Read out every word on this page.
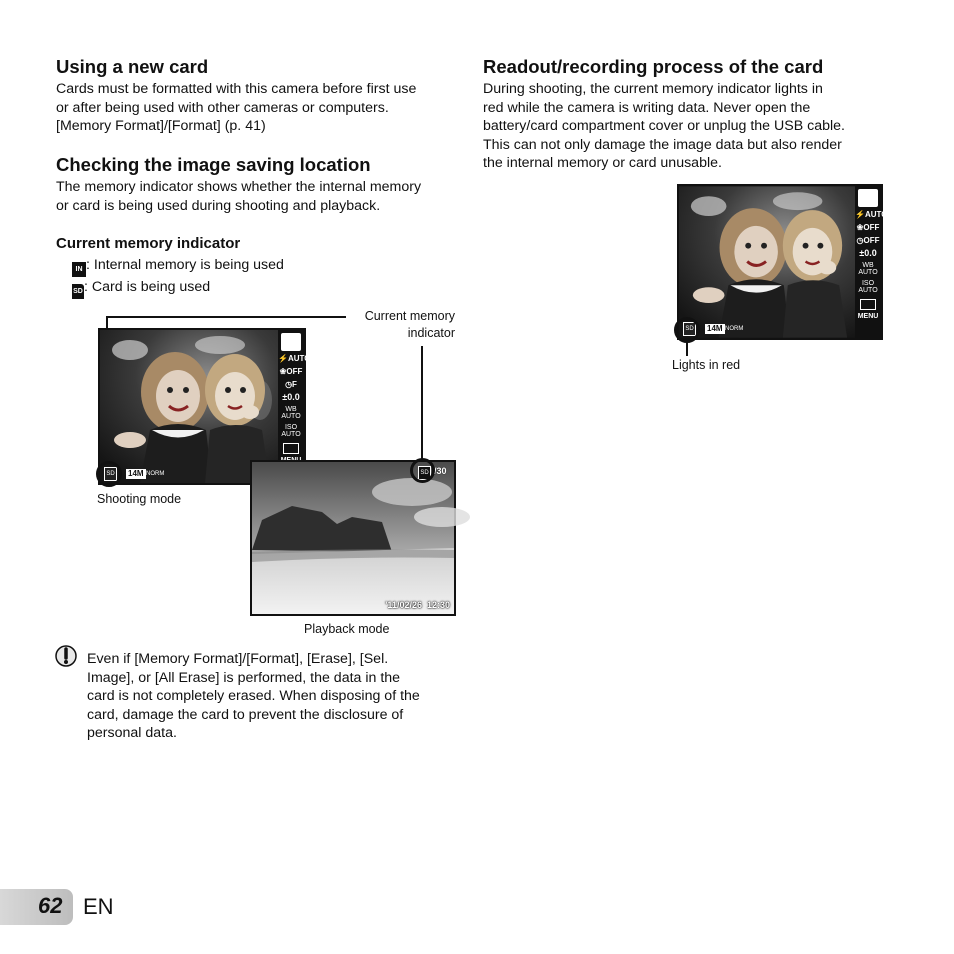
Using a new card
Cards must be formatted with this camera before first use
or after being used with other cameras or computers.
[Memory Format]/[Format] (p. 41)
Checking the image saving location
The memory indicator shows whether the internal memory
or card is being used during shooting and playback.
Current memory indicator
IN : Internal memory is being used
SD: Card is being used
Current memory
indicator
P
⚡AUTO
❀OFF
◷F
±0.0
WB
AUTO
ISO
AUTO
SD 14M NORM
Shooting mode
SD /30
'11/02/26  12:30
Playback mode
Even if [Memory Format]/[Format], [Erase], [Sel.
Image], or [All Erase] is performed, the data in the
card is not completely erased. When disposing of the
card, damage the card to prevent the disclosure of
personal data.
Readout/recording process of the card
During shooting, the current memory indicator lights in
red while the camera is writing data. Never open the
battery/card compartment cover or unplug the USB cable.
This can not only damage the image data but also render
the internal memory or card unusable.
P
⚡AUTO
❀OFF
◷OFF
±0.0
WB
AUTO
ISO
AUTO
MENU
SD 14M NORM
Lights in red
62 EN
